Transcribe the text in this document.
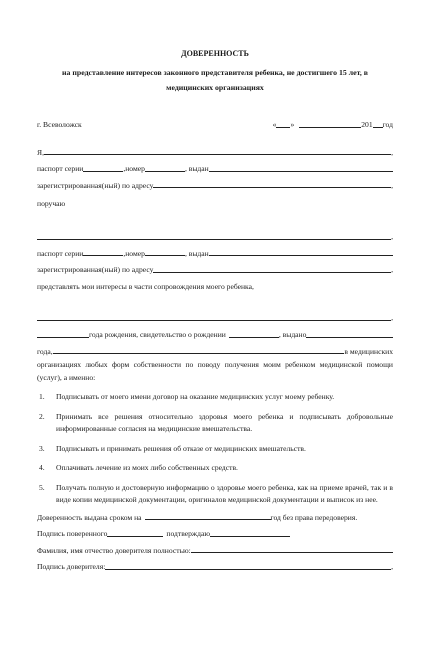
ДОВЕРЕННОСТЬ
на представление интересов законного представителя ребенка, не достигшего 15 лет, в
медицинских организациях
г. Всеволожск	« »	201 год
Я,	,
паспорт серии	,номер	, выдан
зарегистрированная(ный) по адресу	,
поручаю
,
паспорт серии	,номер	, выдан
зарегистрированная(ный) по адресу	,
представлять мои интересы в части сопровождения моего ребенка,
,
года рождения, свидетельство о рождении	, выдано
года,	в медицинских
организациях любых форм собственности по поводу получения моим ребенком медицинской помощи (услуг), а именно:
1.	Подписывать от моего имени договор на оказание медицинских услуг моему ребенку.
2.	Принимать все решения относительно здоровья моего ребенка и подписывать добровольные информированные согласия на медицинские вмешательства.
3.	Подписывать и принимать решения об отказе от медицинских вмешательств.
4.	Оплачивать лечение из моих либо собственных средств.
5.	Получать полную и достоверную информацию о здоровье моего ребенка, как на приеме врачей, так и в виде копии медицинской документации, оригиналов медицинской документации и выписок из нее.
Доверенность выдана сроком на	год без права передоверия.
Подпись поверенного	подтверждаю
Фамилия, имя отчество доверителя полностью:
Подпись доверителя:	,
